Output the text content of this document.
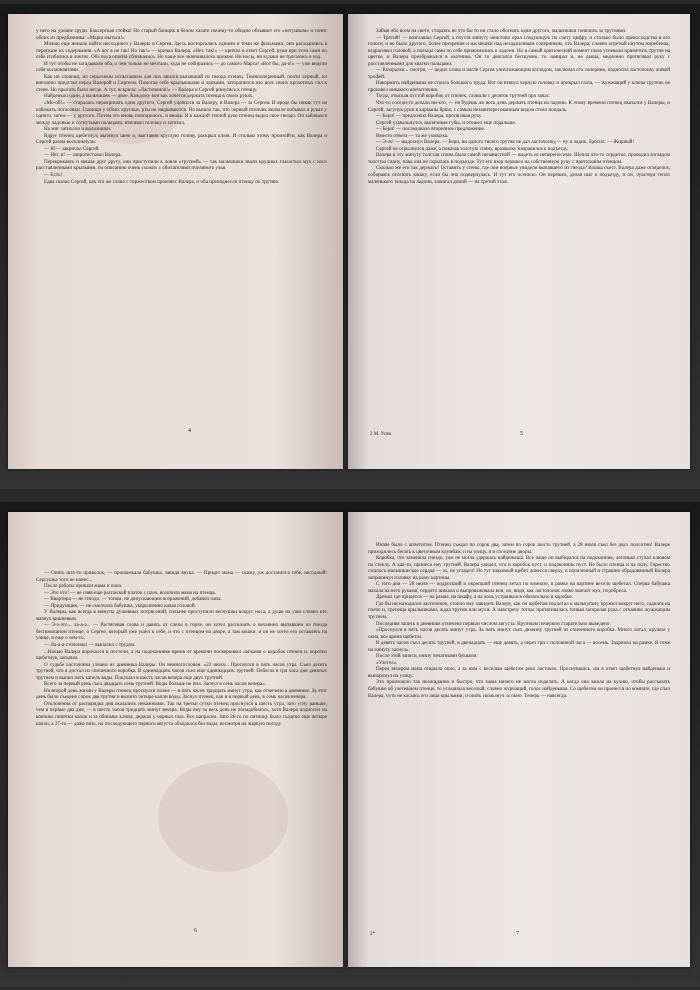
у него на уровне груди. Боксерская стойка! Но старый банщик в белом халате почему-то обидно обзывает его «петушком» и гонит обоих из предбанника: «Марш мыться!»

Можно еще немало найти несходного у Валеры и Сергея. Здесь восторгались одними и теми же фильмами, они расходились в пересказе их содержания. «А вот я не так! Но так!» — кричал Валера. «Нет, так!» — кричал в ответ Сергей, руки при этом сами по себе сгибались в локтях. Оба носа опасно сближались. Но чаще все оканчивалось криком. Ни носы, ни кулаки не трогались в ход.

И тут чтобы не загадывали оба, о чем только не мечтали, куда не собирались — до самого Марса! «Вот бы, да-а!» — уже видели себя космонавтами.

Как ни странно, но серьезным испытанием для них явился выпавший из гнезда птенец. Темнооперенный, почти черный, он внезапно предстал перед Валерой и Сергеем. Помогая себе крылышками и лапками, заторопился изо всех своих крохотных сил к стене. Но прыгать было негде. А тут, вскрича: «Ласточонок!» — Валера и Сергей ринулись к птенцу.

Найденыш один, а мальчишек — двое. Каждому вон как хочется держать птенца в своих руках.

«Мо-ой!» — старалась перекричать один другого, Сергей уцепился за Валеру, в Валера — за Сергея. И вроде бы никак тут не избежать потасовки. Глазищи у обоих круглые, рты не закрываются. Но вышло так, что черный птенчик вначале побывал в руках у одного, затем — у другого. Потом это вновь повторилось, и вновь. И в каждой теплой руке птенец видел свое гнездо. Он забивался между ладонью и согнутыми пальцами, втягивал головку и затихал.

На миг затихали и мальчишки.

Вдруг птенец щебетнул, вытянул шею и, выставив круглую голову, раскрыл клюв. И столько этому произойти, как Валера и Сергей разом воскликнули:

— Я!— закричал Сергей.

— Нет, я! — запротестовал Валера.

Перекрикаясь и мешая друг другу, они приступили к ловле «трутней» — так мальчишки звали крупных глазастых мух с косо расставленными крыльями, по описанию очень схожих с обитателями пчелиного улья.

— Есть!

Едва сказал Сергей, как это же слово с торжеством произнес Валера, и оба преподнесли птенцу по трутню.

4

Забыв обо всем на свете, стараясь во что бы то ни стало обогнать один другого, мальчишки гонялись за трутнями.

— Третий! — возглашал Сергей, а спустя минуту неистово орал следующую по счету цифру, и столько было превосходства в его голосе, и не было другого, более презрения и насмешки над незадачливым соперником, что Валера, словно огретый кнутом жеребенок, вздрагивал головой, а пальцы сами по себе прижимались к ладони. Но в самый критический момент глаза успевали приметить трутня на цветке, и Валера преображался в охотника. Он то двигался бесшумно, то замирал и, не дыша, медленно протягивал руку с расставленными для хватки пальцами.

— Разорался... смотри, — цедил слова и нагле Сергея уничтожающим взглядом, заключал его соперник, подносил ласточонку живой трофей.

Накормить найденыша не стоило большого труда. Вот он втянул черную головку и прикрыл глаза, — жужжащий у клюва трутень не произвел никакого впечатления.

Тогда, отыскав пустой коробок от спичек, словили с десяток трутней про запас.

Что-то соседи-то делали ни-кто, — не будешь же весь день держать птенца на ладони. К этому времени птенец оказался у Валеры, и Сергей, засунув руки в карманы брюк, с самым незаинтересованным видом стоял поодаль.

— Бери! — предложил Валера, протягивая руку.

Сергей ухмыльнулся, выпячивая губы, и отошел еще подальше.

— Бери! — последовало вторичное предложение.

Вместо ответа — та же ухмылка.

— Э-эх! — выдохнул Валера. — Бери, ни одного твоего трутня не дал ласточонку,— ну и ладно, бросил: — Жирный!

Сергей не огрызнулся даже, а показав толстую спину, вразвалку направился к подъезду.

Валера в эту минуту толстая спина была самой ненавистной — видеть ее непереносимо. Шепча что-то сердитое, проводил взглядом толстую спину, пока она не скрылась в подъезде. Тут его взор перешел на собственную руку с притихшим птенцом.

Сколько же его так держать? Оставить у стены, где они впервые увидели выпавшего из гнезда? Кошка съест. Валера даже огляделся, собираясь отогнать кошку, если бы она подвернулась. И тут его осенило. Он перешел, делая шаг к подъезду, и он, чувствуя тепло маленького тельца на ладони, зашагал домой — на третий этаж.

2 М. Усов	5

— Опять што-то приволок, — прошамкала бабушка, завидя внука. — Придет мама — скажу, уж достанется тебе, негодный! Сергушка того не нанес...

После работы пришли мама и папа.

— Это что! — не сняв еще распиской платок с плеч, возопила мама на птенца.

— Квартира — не гнездо, — тоном, не допускающим возражений, добавил папа.

— Придумщик, — не смолчала бабушка, укоризненно качая головой.

У Валеры, как всегда в минуты душевных потрясений, сильнее проступили веснушки вокруг носа, а душе на уши словно кто мазнул вишневым.

— Э-э-это... ла-а-а... — Растягивая слова и давясь от слезы в горле, он хотел рассказать о нечаянно выпавшем из гнезда беспомощном птенце, о Сергее, который уже ушел к себе, и что с птенцом на дворе, а там кошки, и он не хотел его оставлять на улице, и еще о чем-то.

— Ла-а-а-сточонок! — выпалил с трудом.

...Ночью Валера ворочался в постели, а на подоконнике время от времени посверкивал лапками о коробок птенец и, коротко щебетнув, засыпал.

О судьбе ласточонка узнаем из дневника Валеры. Он немногословен. «23 июля... Проснулся в пять часов утра. Съел десять трутней, что я достал из спичечного коробка. В одиннадцать часов съел еще одиннадцать трутней. Побегал в три часа дня девятых трутнем и выпил пять капель воды. Покушал в шесть часов вечера еще двух трутней.

Всего за первый день съел двадцать семь трутней. Воды больше не пил. Заснул в семь часов вечера».

На второй день жизни у Валеры птенец проснулся позже — в пять часов тридцать минут утра, как отмечено в дневнике. За этот день было съедено сорок два трутня и выпито четыре капли воды. Заснул птенец, как и в первый день, в семь часов вечера.

Отклонения от распорядка дня оказались неважными. Так на третьи сутки птенец проснулся в шесть утра, зато усну раньше, чем в первые два дня, — в шесть часов тридцать минут вечера. Воды ему за весь день не понадобилось, хотя Валера подносил на кончике пипетки капли и за обнимке клюву, держал у черных глаз. Все напрасно. Зато 26-го по пятницу было съедено еще четыре капли, а 27-го — даже пять, но последующего первого августа обходился без воды, несмотря на жаркую погоду.

6

Иначе было с аппетитом. Птенец съедал по сорок два, затем по сорок шесть трутней, а 28 июля съел без двух полсотни! Валере приходилось бегать к цветочным клумбам, и на улицу, и в соседние дворы.

Коробка, что заменила гнездо, уже не могла удержать найденыша. Все чаще он выбирался на подоконник, легонько стучал клювом по стеклу. А как-то, принеся ему трутней, Валера увидел, что и коробок пуст, и подоконник пуст. Не было птенца и на полу. Горестно сжалось мальчишеское сердце — эх, не углядел! Но тут знакомый щебет донесся сверху, и изумленный и страшно обрадованный Валера запрокинул головку на раму картины.

С того дня — 28 июля — подросший и окрепший птенец летал по комнате, в рамке на картине весело щебетал. Сперва бабушка махала на него руками, сердито шикала и выпроваживала вон, но, видя, как ласточонок ловко хватает мух, подобрела.

Дремал где придется — на рамке, на шкафу, а на ночь устраивался обязательно в коробке.

Где бы ни находился ласточонок, стоило ему завидеть Валеру, как он щебетом подлетал к мальчугану, кружил вокруг него, садился на плечо и, трепеща крылышками, ждал трутня или мухи. А навстречу тотчас протягивалась тонкая загорелая рука с отчаянно жужжащим трутнем.

Последняя запись в дневнике отмечена первым числом августа. Крупным почерком старательно выведено:

«Проснулся в пять часов десять минут утра. За пять минут съел дюжину трутней из спичечного коробка. Много летал, кружил у окна, все время щебетал.

В девять часов съел десять трутней, в двенадцать — еще девять, а через три с половиной часа — восемь. Задремал на рамке. Я тоже на минуту заснул».

После этой записи, внизу печатными буквами:

«Улетел».

Перед вечером мама открыла окно, а за ним с веселым щебетом реял ласточек. Проснувшись, им в ответ щебетнул найденыш и выпорхнул на улицу.

Это произошло так неожиданно и быстро, что мама ничего не могла поделать. А когда она зашла на кухню, чтобы рассказать бабушке об улетевшем птенце, то услышала веселый, словно журчащий, голос найденыша. Со щебетом он пронесся по комнате, где спал Валера, чуть не касаясь его лица крыльями, и опять скользнул за окно. Теперь — навсегда.

2*	7
